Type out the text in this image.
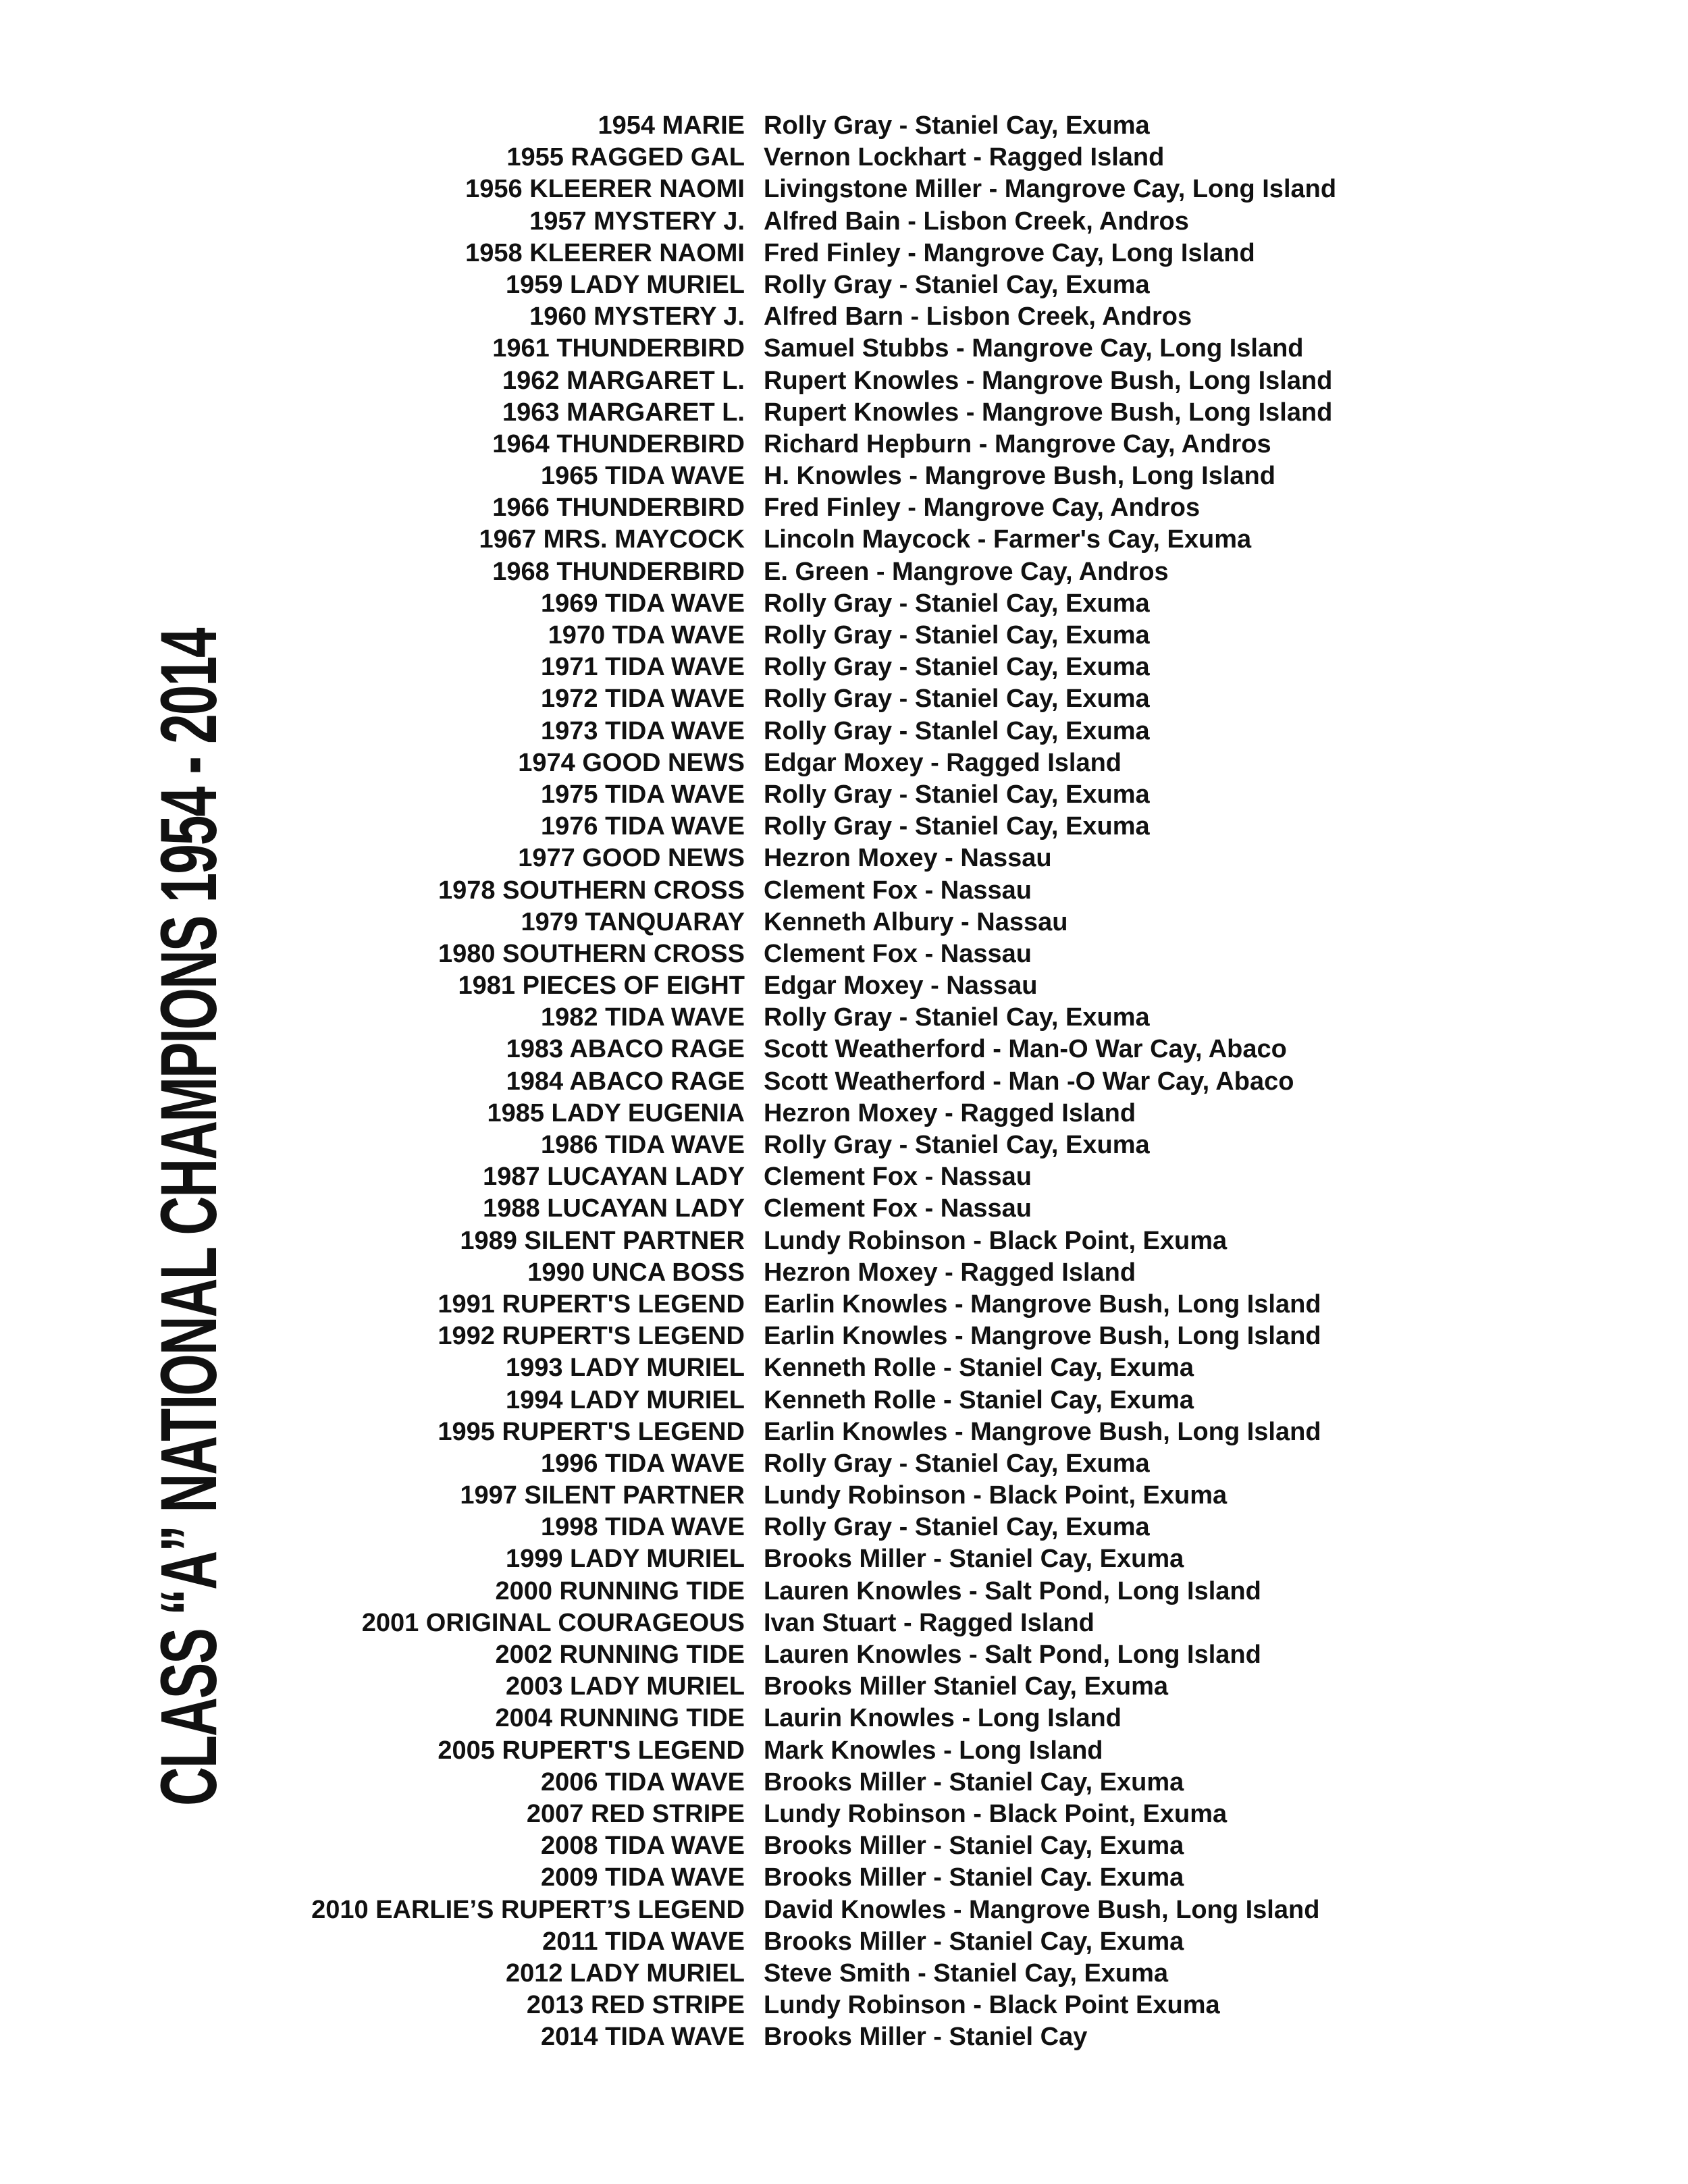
CLASS “A” NATIONAL CHAMPIONS 1954 - 2014
1954 MARIE Rolly Gray - Staniel Cay, Exuma
1955 RAGGED GAL Vernon Lockhart - Ragged Island
1956 KLEERER NAOMI Livingstone Miller - Mangrove Cay, Long Island
1957 MYSTERY J. Alfred Bain - Lisbon Creek, Andros
1958 KLEERER NAOMI Fred Finley - Mangrove Cay, Long Island
1959 LADY MURIEL Rolly Gray - Staniel Cay, Exuma
1960 MYSTERY J. Alfred Barn - Lisbon Creek, Andros
1961 THUNDERBIRD Samuel Stubbs - Mangrove Cay, Long Island
1962 MARGARET L. Rupert Knowles - Mangrove Bush, Long Island
1963 MARGARET L. Rupert Knowles - Mangrove Bush, Long Island
1964 THUNDERBIRD Richard Hepburn - Mangrove Cay, Andros
1965 TIDA WAVE H. Knowles - Mangrove Bush, Long Island
1966 THUNDERBIRD Fred Finley - Mangrove Cay, Andros
1967 MRS. MAYCOCK Lincoln Maycock - Farmer's Cay, Exuma
1968 THUNDERBIRD E. Green - Mangrove Cay, Andros
1969 TIDA WAVE Rolly Gray - Staniel Cay, Exuma
1970 TDA WAVE Rolly Gray - Staniel Cay, Exuma
1971 TIDA WAVE Rolly Gray - Staniel Cay, Exuma
1972 TIDA WAVE Rolly Gray - Staniel Cay, Exuma
1973 TIDA WAVE Rolly Gray - Stanlel Cay, Exuma
1974 GOOD NEWS Edgar Moxey - Ragged Island
1975 TIDA WAVE Rolly Gray - Staniel Cay, Exuma
1976 TIDA WAVE Rolly Gray - Staniel Cay, Exuma
1977 GOOD NEWS Hezron Moxey - Nassau
1978 SOUTHERN CROSS Clement Fox - Nassau
1979 TANQUARAY Kenneth Albury - Nassau
1980 SOUTHERN CROSS Clement Fox - Nassau
1981 PIECES OF EIGHT Edgar Moxey - Nassau
1982 TIDA WAVE Rolly Gray - Staniel Cay, Exuma
1983 ABACO RAGE Scott Weatherford - Man-O War Cay, Abaco
1984 ABACO RAGE Scott Weatherford - Man -O War Cay, Abaco
1985 LADY EUGENIA Hezron Moxey - Ragged Island
1986 TIDA WAVE Rolly Gray - Staniel Cay, Exuma
1987 LUCAYAN LADY Clement Fox - Nassau
1988 LUCAYAN LADY Clement Fox - Nassau
1989 SILENT PARTNER Lundy Robinson - Black Point, Exuma
1990 UNCA BOSS Hezron Moxey - Ragged Island
1991 RUPERT'S LEGEND Earlin Knowles - Mangrove Bush, Long Island
1992 RUPERT'S LEGEND Earlin Knowles - Mangrove Bush, Long Island
1993 LADY MURIEL Kenneth Rolle - Staniel Cay, Exuma
1994 LADY MURIEL Kenneth Rolle - Staniel Cay, Exuma
1995 RUPERT'S LEGEND Earlin Knowles - Mangrove Bush, Long Island
1996 TIDA WAVE Rolly Gray - Staniel Cay, Exuma
1997 SILENT PARTNER Lundy Robinson - Black Point, Exuma
1998 TIDA WAVE Rolly Gray - Staniel Cay, Exuma
1999 LADY MURIEL Brooks Miller - Staniel Cay, Exuma
2000 RUNNING TIDE Lauren Knowles - Salt Pond, Long Island
2001 ORIGINAL COURAGEOUS Ivan Stuart - Ragged Island
2002 RUNNING TIDE Lauren Knowles - Salt Pond, Long Island
2003 LADY MURIEL Brooks Miller Staniel Cay, Exuma
2004 RUNNING TIDE Laurin Knowles - Long Island
2005 RUPERT'S LEGEND Mark Knowles - Long Island
2006 TIDA WAVE Brooks Miller - Staniel Cay, Exuma
2007 RED STRIPE Lundy Robinson - Black Point, Exuma
2008 TIDA WAVE Brooks Miller - Staniel Cay, Exuma
2009 TIDA WAVE Brooks Miller - Staniel Cay. Exuma
2010 EARLIE’S RUPERT’S LEGEND David Knowles - Mangrove Bush, Long Island
2011 TIDA WAVE Brooks Miller - Staniel Cay, Exuma
2012 LADY MURIEL Steve Smith - Staniel Cay, Exuma
2013 RED STRIPE Lundy Robinson - Black Point Exuma
2014 TIDA WAVE Brooks Miller - Staniel Cay
